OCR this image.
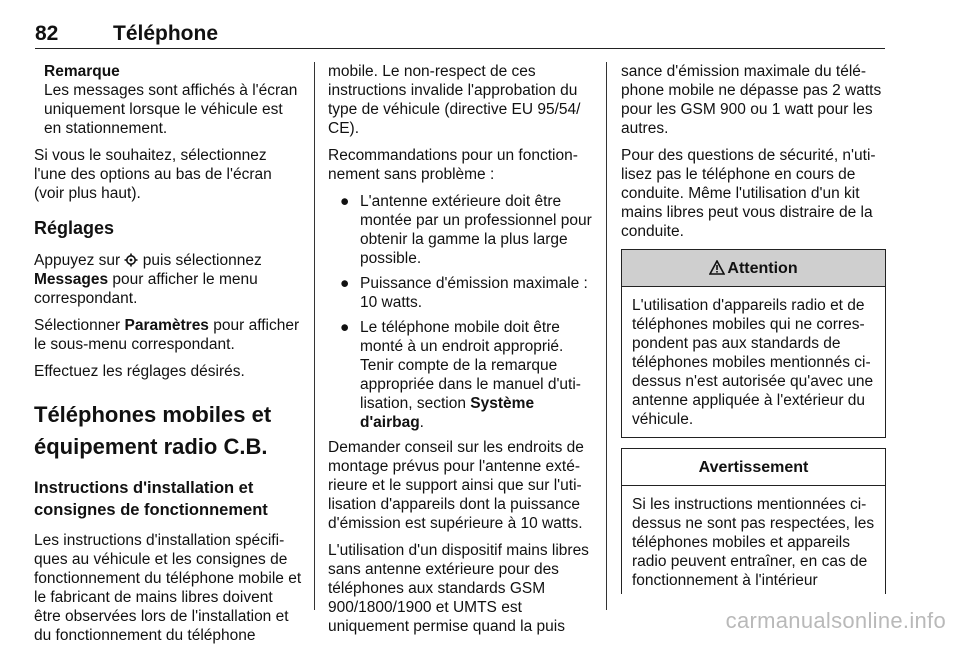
82	Téléphone
Remarque
Les messages sont affichés à l'écran uniquement lorsque le véhicule est en stationnement.

Si vous le souhaitez, sélectionnez l'une des options au bas de l'écran (voir plus haut).

Réglages

Appuyez sur puis sélectionnez Messages pour afficher le menu correspondant.

Sélectionner Paramètres pour afficher le sous-menu correspondant.

Effectuez les réglages désirés.

Téléphones mobiles et équipement radio C.B.
Instructions d'installation et consignes de fonctionnement

Les instructions d'installation spécifiques au véhicule et les consignes de fonctionnement du téléphone mobile et le fabricant de mains libres doivent être observées lors de l'installation et du fonctionnement du téléphone

mobile. Le non-respect de ces instructions invalide l'approbation du type de véhicule (directive EU 95/54/ CE).

Recommandations pour un fonctionnement sans problème :

● L'antenne extérieure doit être montée par un professionnel pour obtenir la gamme la plus large possible.
● Puissance d'émission maximale : 10 watts.
● Le téléphone mobile doit être monté à un endroit approprié. Tenir compte de la remarque appropriée dans le manuel d'utilisation, section Système d'airbag.

Demander conseil sur les endroits de montage prévus pour l'antenne extérieure et le support ainsi que sur l'utilisation d'appareils dont la puissance d'émission est supérieure à 10 watts.

L'utilisation d'un dispositif mains libres sans antenne extérieure pour des téléphones aux standards GSM 900/1800/1900 et UMTS est uniquement permise quand la puis

sance d'émission maximale du téléphone mobile ne dépasse pas 2 watts pour les GSM 900 ou 1 watt pour les autres.

Pour des questions de sécurité, n'utilisez pas le téléphone en cours de conduite. Même l'utilisation d'un kit mains libres peut vous distraire de la conduite.

Attention
L'utilisation d'appareils radio et de téléphones mobiles qui ne correspondent pas aux standards de téléphones mobiles mentionnés ci-dessus n'est autorisée qu'avec une antenne appliquée à l'extérieur du véhicule.
Avertissement
Si les instructions mentionnées ci-dessus ne sont pas respectées, les téléphones mobiles et appareils radio peuvent entraîner, en cas de fonctionnement à l'intérieur
carmanualsonline.info
